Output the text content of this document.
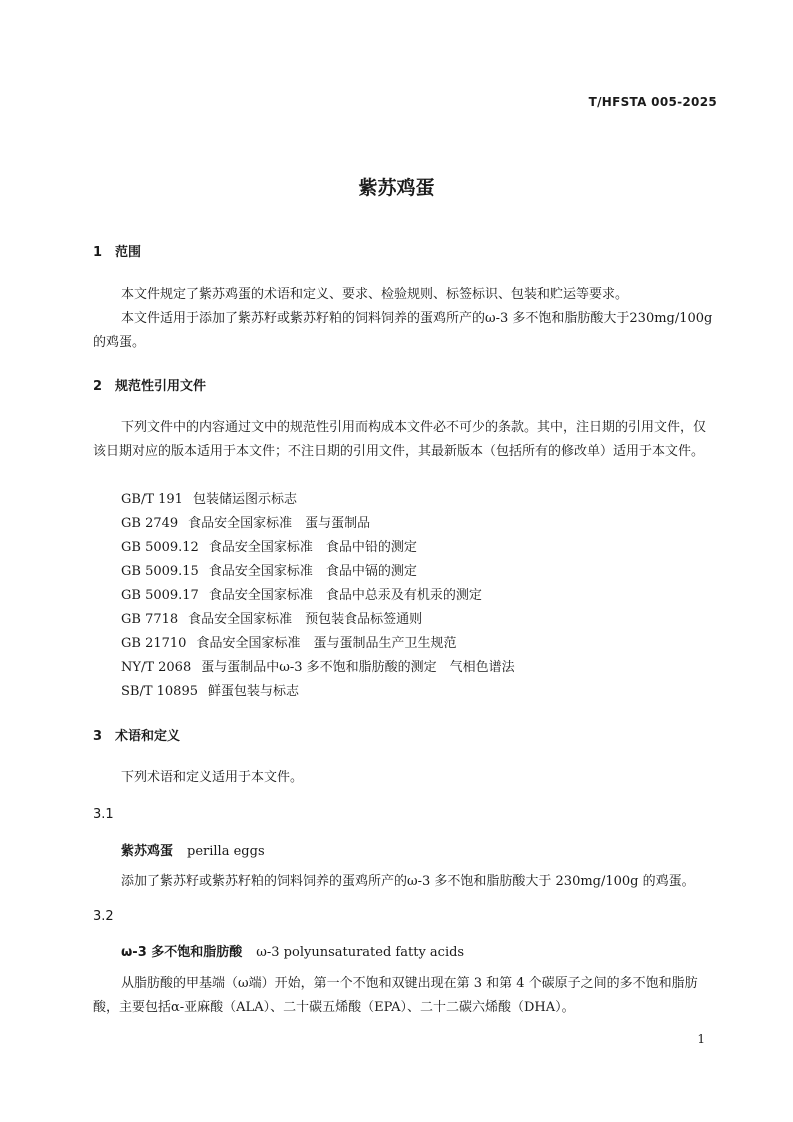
T/HFSTA 005-2025
紫苏鸡蛋
1 范围
本文件规定了紫苏鸡蛋的术语和定义、要求、检验规则、标签标识、包装和贮运等要求。
本文件适用于添加了紫苏籽或紫苏籽粕的饲料饲养的蛋鸡所产的ω-3 多不饱和脂肪酸大于230mg/100g 的鸡蛋。
2 规范性引用文件
下列文件中的内容通过文中的规范性引用而构成本文件必不可少的条款。其中，注日期的引用文件，仅该日期对应的版本适用于本文件；不注日期的引用文件，其最新版本（包括所有的修改单）适用于本文件。
GB/T 191 包装储运图示标志
GB 2749 食品安全国家标准　蛋与蛋制品
GB 5009.12 食品安全国家标准　食品中铅的测定
GB 5009.15 食品安全国家标准　食品中镉的测定
GB 5009.17 食品安全国家标准　食品中总汞及有机汞的测定
GB 7718 食品安全国家标准　预包装食品标签通则
GB 21710 食品安全国家标准　蛋与蛋制品生产卫生规范
NY/T 2068 蛋与蛋制品中ω-3 多不饱和脂肪酸的测定　气相色谱法
SB/T 10895 鲜蛋包装与标志
3 术语和定义
下列术语和定义适用于本文件。
3.1
紫苏鸡蛋 perilla eggs
添加了紫苏籽或紫苏籽粕的饲料饲养的蛋鸡所产的ω-3 多不饱和脂肪酸大于 230mg/100g 的鸡蛋。
3.2
ω-3 多不饱和脂肪酸 ω-3 polyunsaturated fatty acids
从脂肪酸的甲基端（ω端）开始，第一个不饱和双键出现在第 3 和第 4 个碳原子之间的多不饱和脂肪酸，主要包括α-亚麻酸（ALA）、二十碳五烯酸（EPA）、二十二碳六烯酸（DHA）。
1
